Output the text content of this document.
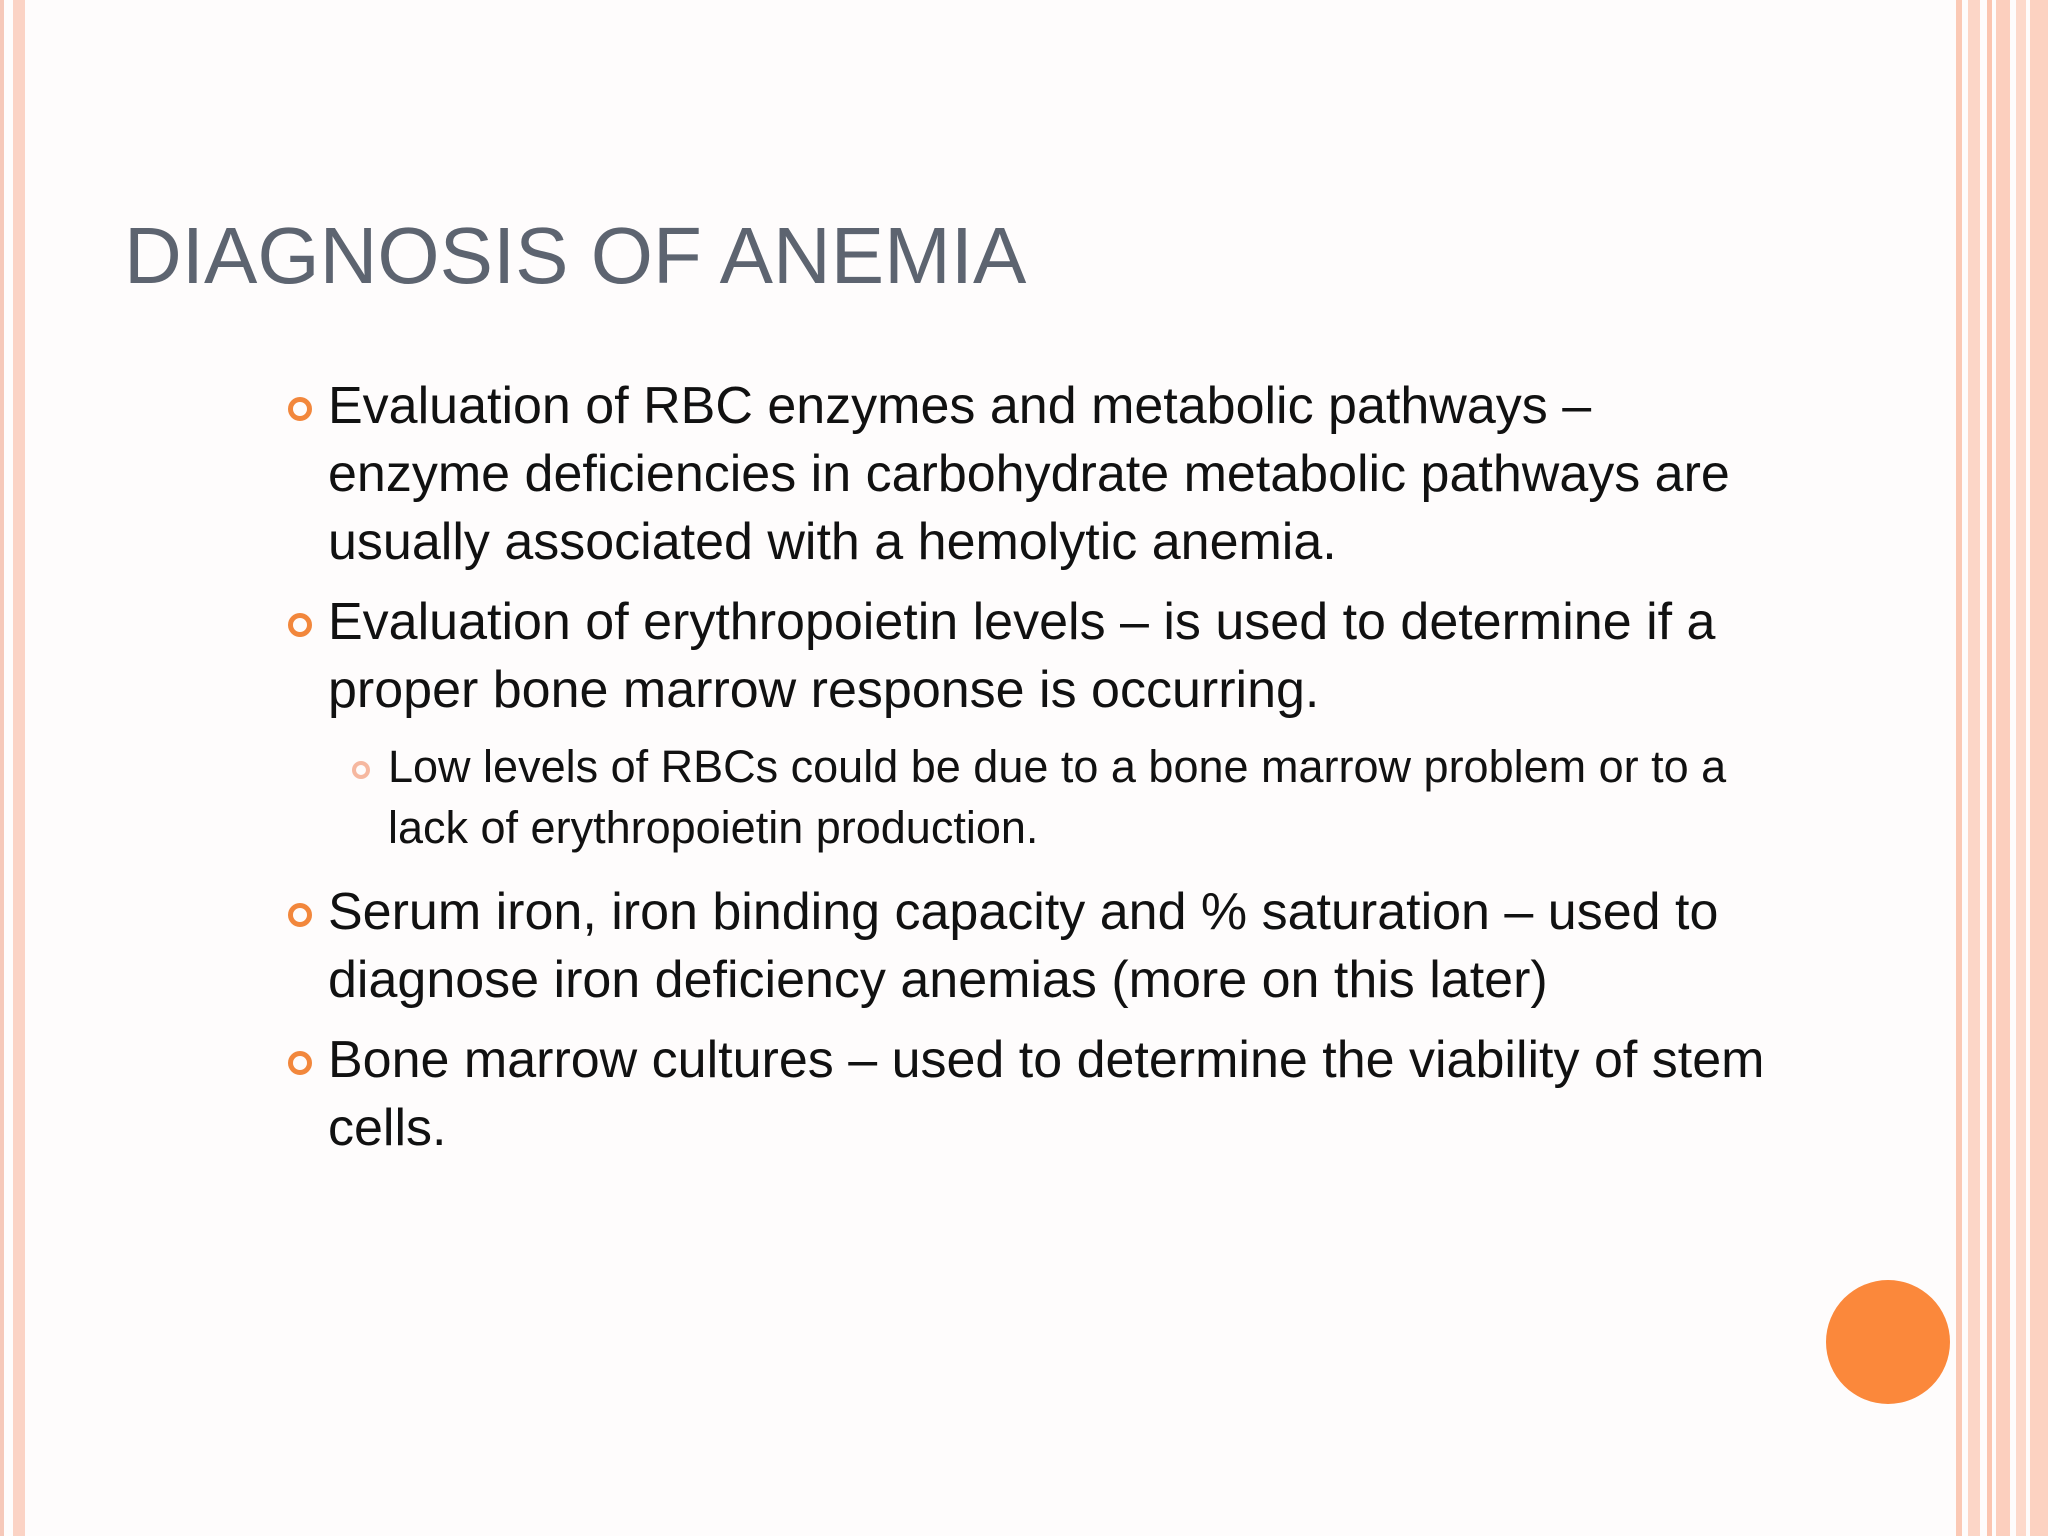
DIAGNOSIS OF ANEMIA
Evaluation of RBC enzymes and metabolic pathways – enzyme deficiencies in carbohydrate metabolic pathways are usually associated with a hemolytic anemia.
Evaluation of erythropoietin levels – is used to determine if a proper bone marrow response is occurring.
Low levels of RBCs could be due to a bone marrow problem or to a lack of erythropoietin production.
Serum iron, iron binding capacity and % saturation – used to diagnose iron deficiency anemias (more on this later)
Bone marrow cultures – used to determine the viability of stem cells.
